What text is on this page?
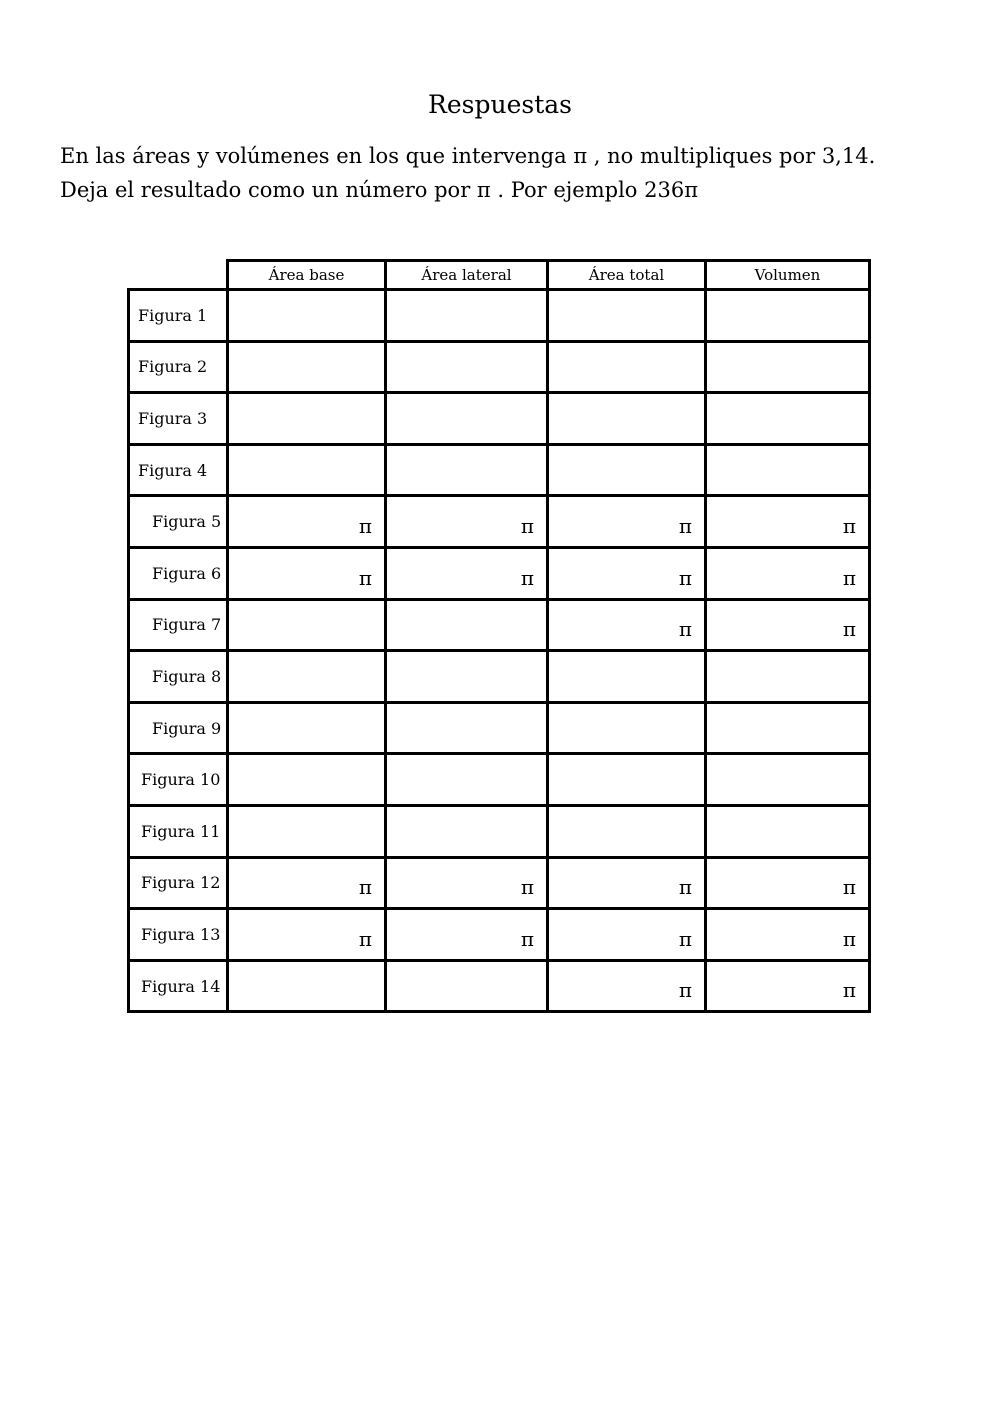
Respuestas
En las áreas y volúmenes en los que intervenga π , no multipliques por 3,14.
Deja el resultado como un número por π . Por ejemplo 236π
	Área base	Área lateral	Área total	Volumen
Figura 1				
Figura 2				
Figura 3				
Figura 4				
Figura 5	π	π	π	π
Figura 6	π	π	π	π
Figura 7			π	π
Figura 8				
Figura 9				
Figura 10				
Figura 11				
Figura 12	π	π	π	π
Figura 13	π	π	π	π
Figura 14			π	π
